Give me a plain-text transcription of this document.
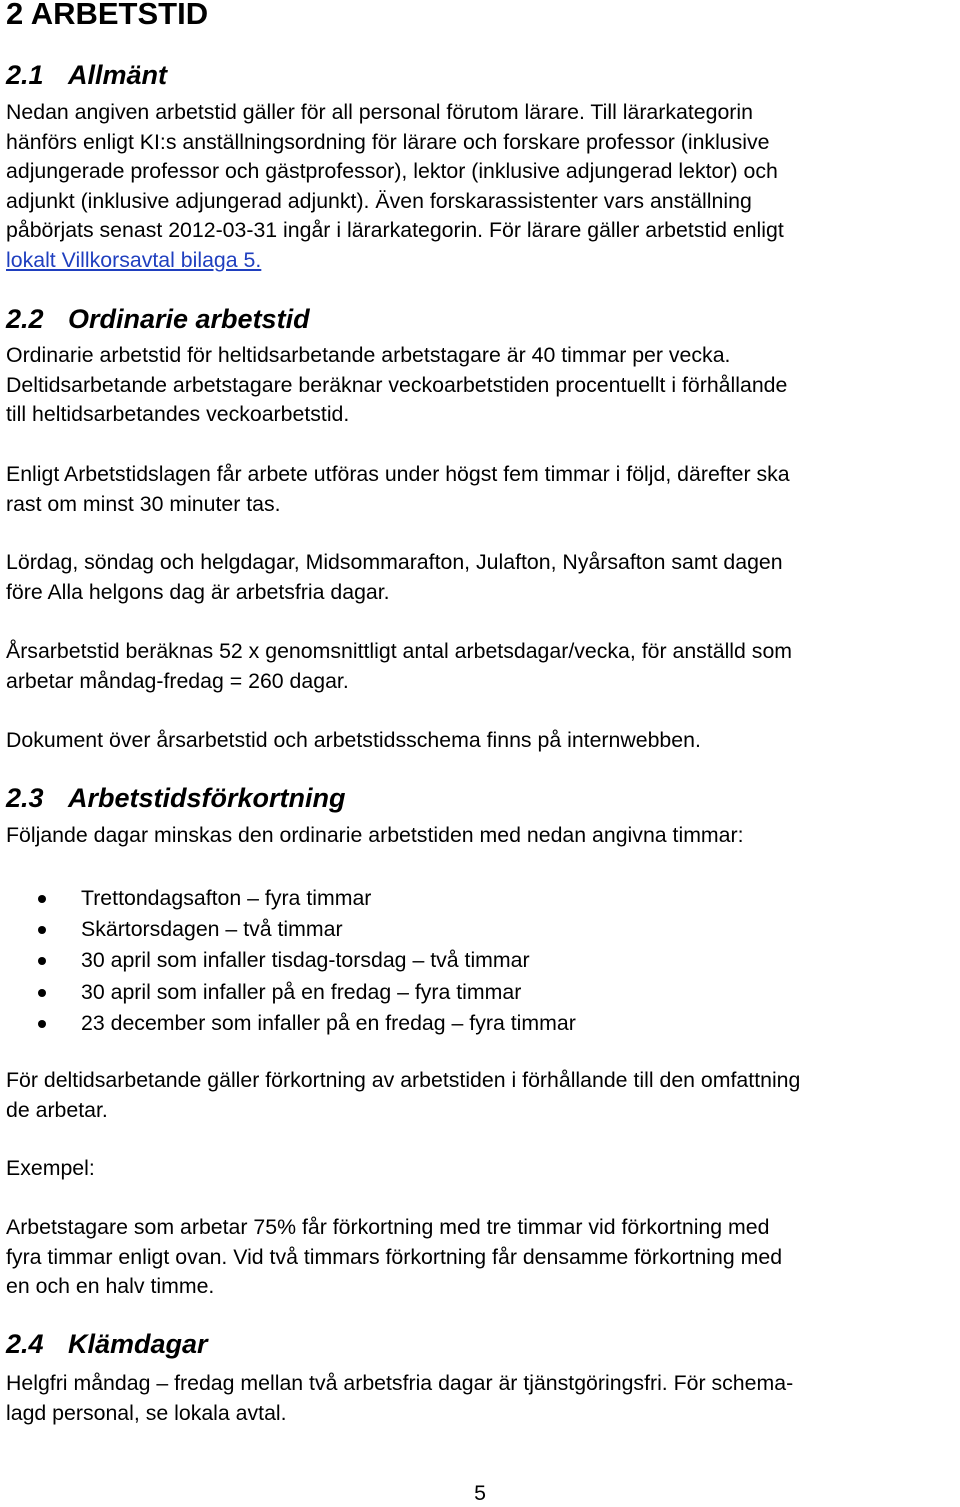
2 ARBETSTID
2.1 Allmänt
Nedan angiven arbetstid gäller för all personal förutom lärare. Till lärarkategorin
hänförs enligt KI:s anställningsordning för lärare och forskare professor (inklusive
adjungerade professor och gästprofessor), lektor (inklusive adjungerad lektor) och
adjunkt (inklusive adjungerad adjunkt). Även forskarassistenter vars anställning
påbörjats senast 2012-03-31 ingår i lärarkategorin. För lärare gäller arbetstid enligt
lokalt Villkorsavtal bilaga 5.
2.2 Ordinarie arbetstid
Ordinarie arbetstid för heltidsarbetande arbetstagare är 40 timmar per vecka.
Deltidsarbetande arbetstagare beräknar veckoarbetstiden procentuellt i förhållande
till heltidsarbetandes veckoarbetstid.
Enligt Arbetstidslagen får arbete utföras under högst fem timmar i följd, därefter ska
rast om minst 30 minuter tas.
Lördag, söndag och helgdagar, Midsommarafton, Julafton, Nyårsafton samt dagen
före Alla helgons dag är arbetsfria dagar.
Årsarbetstid beräknas 52 x genomsnittligt antal arbetsdagar/vecka, för anställd som
arbetar måndag-fredag = 260 dagar.
Dokument över årsarbetstid och arbetstidsschema finns på internwebben.
2.3 Arbetstidsförkortning
Följande dagar minskas den ordinarie arbetstiden med nedan angivna timmar:
Trettondagsafton – fyra timmar
Skärtorsdagen – två timmar
30 april som infaller tisdag-torsdag – två timmar
30 april som infaller på en fredag – fyra timmar
23 december som infaller på en fredag – fyra timmar
För deltidsarbetande gäller förkortning av arbetstiden i förhållande till den omfattning
de arbetar.
Exempel:
Arbetstagare som arbetar 75% får förkortning med tre timmar vid förkortning med
fyra timmar enligt ovan. Vid två timmars förkortning får densamme förkortning med
en och en halv timme.
2.4 Klämdagar
Helgfri måndag – fredag mellan två arbetsfria dagar är tjänstgöringsfri. För schema-
lagd personal, se lokala avtal.
5
